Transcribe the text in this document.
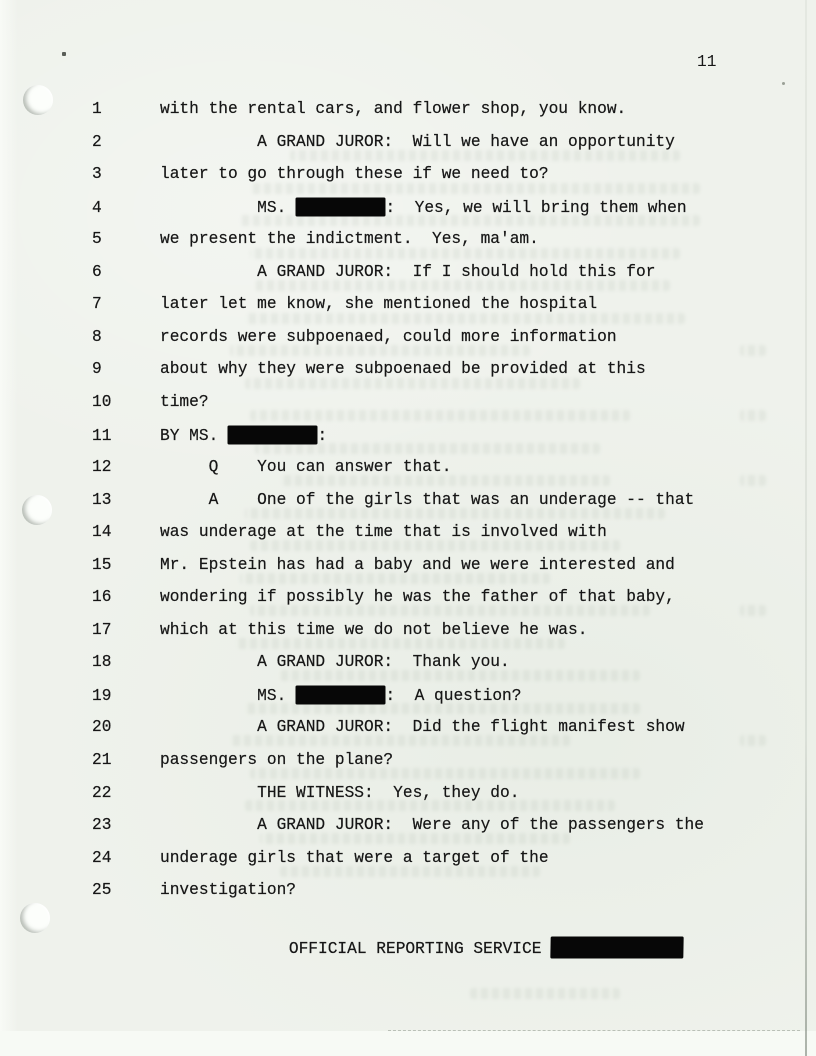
11
1	with the rental cars, and flower shop, you know.
2	A GRAND JUROR:  Will we have an opportunity
3	later to go through these if we need to?
4	MS.	:  Yes, we will bring them when
5	we present the indictment.  Yes, ma'am.
6	A GRAND JUROR:  If I should hold this for
7	later let me know, she mentioned the hospital
8	records were subpoenaed, could more information
9	about why they were subpoenaed be provided at this
10	time?
11	BY MS.	:
12	Q    You can answer that.
13	A    One of the girls that was an underage -- that
14	was underage at the time that is involved with
15	Mr. Epstein has had a baby and we were interested and
16	wondering if possibly he was the father of that baby,
17	which at this time we do not believe he was.
18	A GRAND JUROR:  Thank you.
19	MS.	:  A question?
20	A GRAND JUROR:  Did the flight manifest show
21	passengers on the plane?
22	THE WITNESS:  Yes, they do.
23	A GRAND JUROR:  Were any of the passengers the
24	underage girls that were a target of the
25	investigation?

OFFICIAL REPORTING SERVICE
